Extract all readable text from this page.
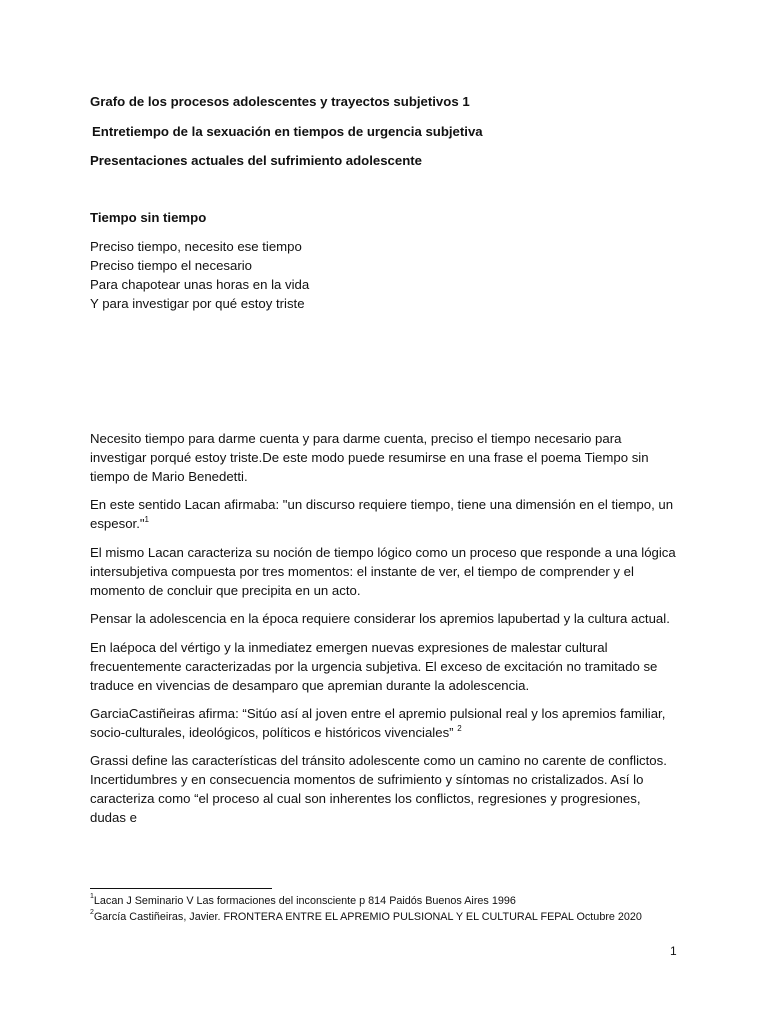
Grafo de los procesos adolescentes y trayectos subjetivos 1
Entretiempo de la sexuación en tiempos de urgencia subjetiva
Presentaciones actuales del sufrimiento adolescente
Tiempo sin tiempo
Preciso tiempo, necesito ese tiempo
Preciso tiempo el necesario
Para chapotear unas horas en la vida
Y para investigar por qué estoy triste

Necesito tiempo para darme cuenta y para darme cuenta, preciso el tiempo necesario para investigar porqué estoy triste.De este modo puede resumirse en una frase el poema Tiempo sin tiempo de Mario Benedetti.

En este sentido Lacan afirmaba: "un discurso requiere tiempo, tiene una dimensión en el tiempo, un espesor."$^1$

El mismo Lacan caracteriza su noción de tiempo lógico como un proceso que responde a una lógica intersubjetiva compuesta por tres momentos: el instante de ver, el tiempo de comprender y el momento de concluir que precipita en un acto.

Pensar la adolescencia en la época requiere considerar los apremios lapubertad y la cultura actual.

En laépoca del vértigo y la inmediatez emergen nuevas expresiones de malestar cultural frecuentemente caracterizadas por la urgencia subjetiva. El exceso de excitación no tramitado se traduce en vivencias de desamparo que apremian durante la adolescencia.

GarciaCastiñeiras afirma: “Sitúo así al joven entre el apremio pulsional real y los apremios familiar, socio-culturales, ideológicos, políticos e históricos vivenciales” $^2$

Grassi define las características del tránsito adolescente como un camino no carente de conflictos. Incertidumbres y en consecuencia momentos de sufrimiento y síntomas no cristalizados. Así lo caracteriza como “el proceso al cual son inherentes los conflictos, regresiones y progresiones, dudas e

$^1$Lacan J Seminario V Las formaciones del inconsciente p 814 Paidós Buenos Aires 1996
$^2$García Castiñeiras, Javier. FRONTERA ENTRE EL APREMIO PULSIONAL Y EL CULTURAL FEPAL Octubre 2020
1
